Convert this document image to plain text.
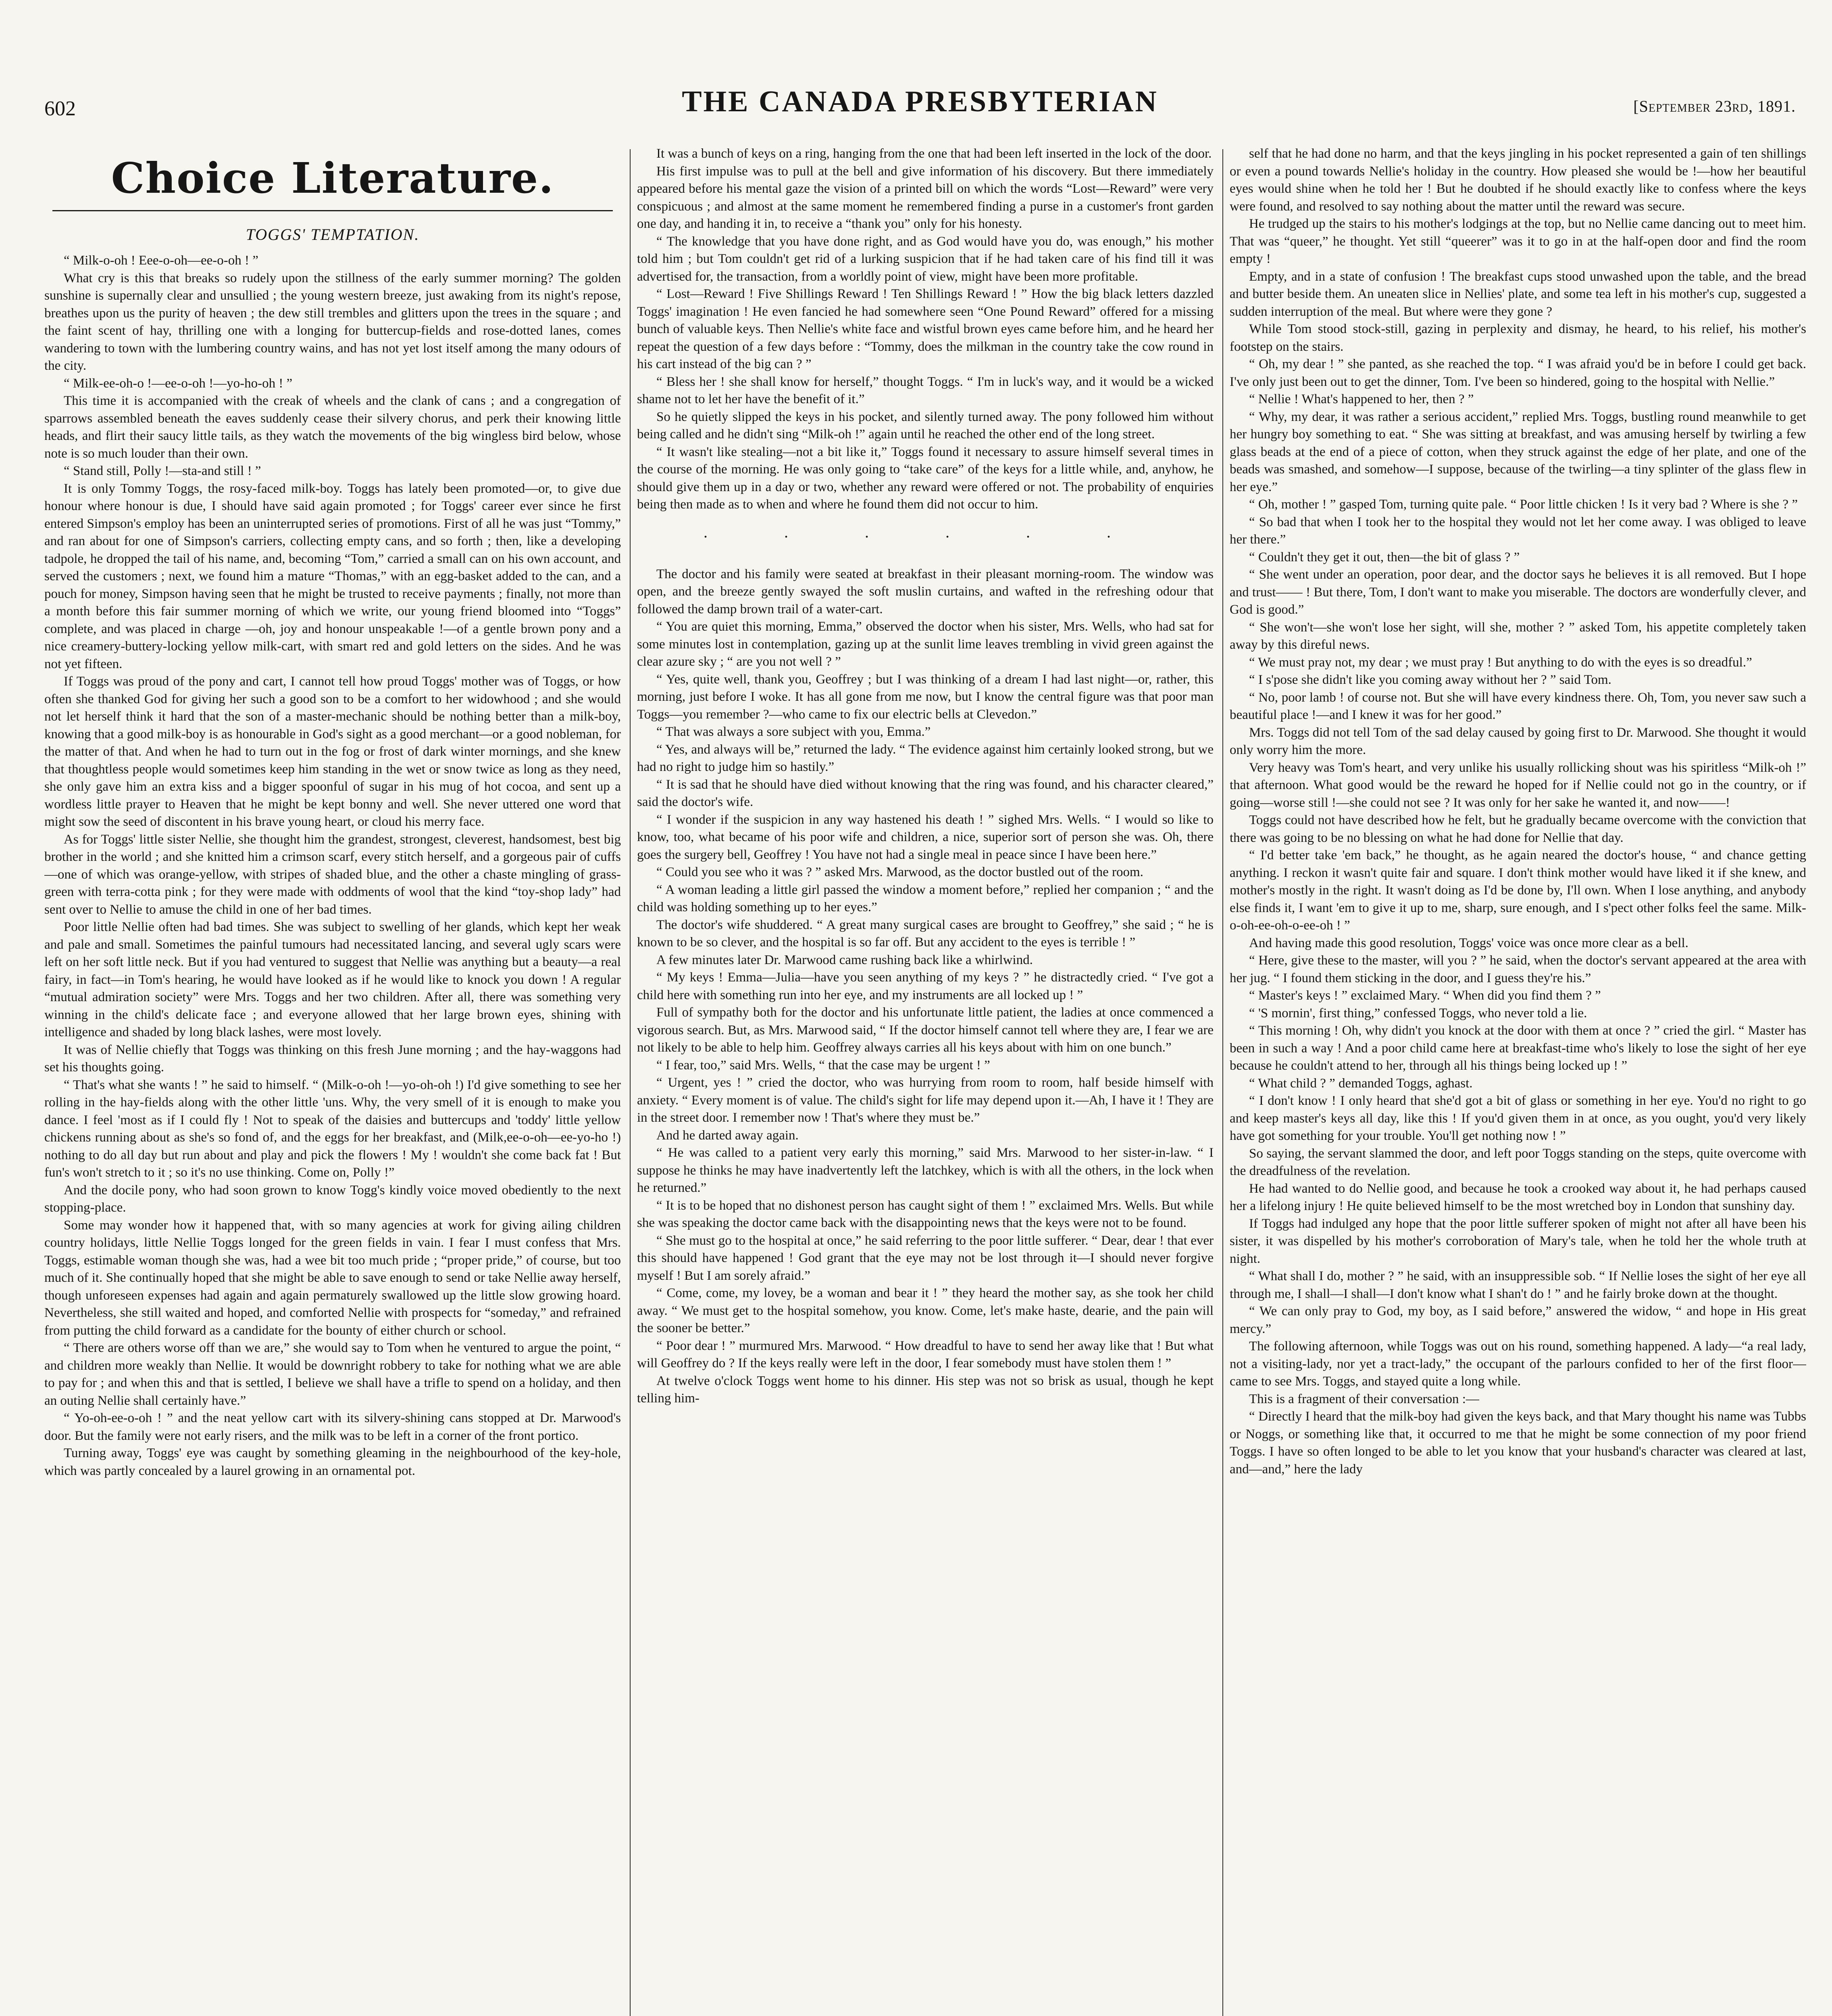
602	THE CANADA PRESBYTERIAN	[September 23rd, 1891.
Choice Literature.
TOGGS' TEMPTATION.

“ Milk-o-oh ! Eee-o-oh—ee-o-oh ! ”

What cry is this that breaks so rudely upon the stillness of the early summer morning? The golden sunshine is supernally clear and unsullied ; the young western breeze, just awaking from its night's repose, breathes upon us the purity of heaven ; the dew still trembles and glitters upon the trees in the square ; and the faint scent of hay, thrilling one with a longing for buttercup-fields and rose-dotted lanes, comes wandering to town with the lumbering country wains, and has not yet lost itself among the many odours of the city.

“ Milk-ee-oh-o !—ee-o-oh !—yo-ho-oh ! ”

This time it is accompanied with the creak of wheels and the clank of cans ; and a congregation of sparrows assembled beneath the eaves suddenly cease their silvery chorus, and perk their knowing little heads, and flirt their saucy little tails, as they watch the movements of the big wingless bird below, whose note is so much louder than their own.

“ Stand still, Polly !—sta-and still ! ”

It is only Tommy Toggs, the rosy-faced milk-boy. Toggs has lately been promoted—or, to give due honour where honour is due, I should have said again promoted ; for Toggs' career ever since he first entered Simpson's employ has been an uninterrupted series of promotions. First of all he was just “Tommy,” and ran about for one of Simpson's carriers, collecting empty cans, and so forth ; then, like a developing tadpole, he dropped the tail of his name, and, becoming “Tom,” carried a small can on his own account, and served the customers ; next, we found him a mature “Thomas,” with an egg-basket added to the can, and a pouch for money, Simpson having seen that he might be trusted to receive payments ; finally, not more than a month before this fair summer morning of which we write, our young friend bloomed into “Toggs” complete, and was placed in charge —oh, joy and honour unspeakable !—of a gentle brown pony and a nice creamery-buttery-locking yellow milk-cart, with smart red and gold letters on the sides. And he was not yet fifteen.

If Toggs was proud of the pony and cart, I cannot tell how proud Toggs' mother was of Toggs, or how often she thanked God for giving her such a good son to be a comfort to her widowhood ; and she would not let herself think it hard that the son of a master-mechanic should be nothing better than a milk-boy, knowing that a good milk-boy is as honourable in God's sight as a good merchant—or a good nobleman, for the matter of that. And when he had to turn out in the fog or frost of dark winter mornings, and she knew that thoughtless people would sometimes keep him standing in the wet or snow twice as long as they need, she only gave him an extra kiss and a bigger spoonful of sugar in his mug of hot cocoa, and sent up a wordless little prayer to Heaven that he might be kept bonny and well. She never uttered one word that might sow the seed of discontent in his brave young heart, or cloud his merry face.

As for Toggs' little sister Nellie, she thought him the grandest, strongest, cleverest, handsomest, best big brother in the world ; and she knitted him a crimson scarf, every stitch herself, and a gorgeous pair of cuffs—one of which was orange-yellow, with stripes of shaded blue, and the other a chaste mingling of grass-green with terra-cotta pink ; for they were made with oddments of wool that the kind “toy-shop lady” had sent over to Nellie to amuse the child in one of her bad times.

Poor little Nellie often had bad times. She was subject to swelling of her glands, which kept her weak and pale and small. Sometimes the painful tumours had necessitated lancing, and several ugly scars were left on her soft little neck. But if you had ventured to suggest that Nellie was anything but a beauty—a real fairy, in fact—in Tom's hearing, he would have looked as if he would like to knock you down ! A regular “mutual admiration society” were Mrs. Toggs and her two children. After all, there was something very winning in the child's delicate face ; and everyone allowed that her large brown eyes, shining with intelligence and shaded by long black lashes, were most lovely.

It was of Nellie chiefly that Toggs was thinking on this fresh June morning ; and the hay-waggons had set his thoughts going.

“ That's what she wants ! ” he said to himself. “ (Milk-o-oh !—yo-oh-oh !) I'd give something to see her rolling in the hay-fields along with the other little 'uns. Why, the very smell of it is enough to make you dance. I feel 'most as if I could fly ! Not to speak of the daisies and buttercups and 'toddy' little yellow chickens running about as she's so fond of, and the eggs for her breakfast, and (Milk,ee-o-oh—ee-yo-ho !) nothing to do all day but run about and play and pick the flowers ! My ! wouldn't she come back fat ! But fun's won't stretch to it ; so it's no use thinking. Come on, Polly !”

And the docile pony, who had soon grown to know Togg's kindly voice moved obediently to the next stopping-place.

Some may wonder how it happened that, with so many agencies at work for giving ailing children country holidays, little Nellie Toggs longed for the green fields in vain. I fear I must confess that Mrs. Toggs, estimable woman though she was, had a wee bit too much pride ; “proper pride,” of course, but too much of it. She continually hoped that she might be able to save enough to send or take Nellie away herself, though unforeseen expenses had again and again permaturely swallowed up the little slow growing hoard. Nevertheless, she still waited and hoped, and comforted Nellie with prospects for “someday,” and refrained from putting the child forward as a candidate for the bounty of either church or school.

“ There are others worse off than we are,” she would say to Tom when he ventured to argue the point, “ and children more weakly than Nellie. It would be downright robbery to take for nothing what we are able to pay for ; and when this and that is settled, I believe we shall have a trifle to spend on a holiday, and then an outing Nellie shall certainly have.”

“ Yo-oh-ee-o-oh ! ” and the neat yellow cart with its silvery-shining cans stopped at Dr. Marwood's door. But the family were not early risers, and the milk was to be left in a corner of the front portico.

Turning away, Toggs' eye was caught by something gleaming in the neighbourhood of the key-hole, which was partly concealed by a laurel growing in an ornamental pot.

It was a bunch of keys on a ring, hanging from the one that had been left inserted in the lock of the door.

His first impulse was to pull at the bell and give information of his discovery. But there immediately appeared before his mental gaze the vision of a printed bill on which the words “Lost—Reward” were very conspicuous ; and almost at the same moment he remembered finding a purse in a customer's front garden one day, and handing it in, to receive a “thank you” only for his honesty.

“ The knowledge that you have done right, and as God would have you do, was enough,” his mother told him ; but Tom couldn't get rid of a lurking suspicion that if he had taken care of his find till it was advertised for, the transaction, from a worldly point of view, might have been more profitable.

“ Lost—Reward ! Five Shillings Reward ! Ten Shillings Reward ! ” How the big black letters dazzled Toggs' imagination ! He even fancied he had somewhere seen “One Pound Reward” offered for a missing bunch of valuable keys. Then Nellie's white face and wistful brown eyes came before him, and he heard her repeat the question of a few days before : “Tommy, does the milkman in the country take the cow round in his cart instead of the big can ? ”

“ Bless her ! she shall know for herself,” thought Toggs. “ I'm in luck's way, and it would be a wicked shame not to let her have the benefit of it.”

So he quietly slipped the keys in his pocket, and silently turned away. The pony followed him without being called and he didn't sing “Milk-oh !” again until he reached the other end of the long street.

“ It wasn't like stealing—not a bit like it,” Toggs found it necessary to assure himself several times in the course of the morning. He was only going to “take care” of the keys for a little while, and, anyhow, he should give them up in a day or two, whether any reward were offered or not. The probability of enquiries being then made as to when and where he found them did not occur to him.

. . . . . .

The doctor and his family were seated at breakfast in their pleasant morning-room. The window was open, and the breeze gently swayed the soft muslin curtains, and wafted in the refreshing odour that followed the damp brown trail of a water-cart.

“ You are quiet this morning, Emma,” observed the doctor when his sister, Mrs. Wells, who had sat for some minutes lost in contemplation, gazing up at the sunlit lime leaves trembling in vivid green against the clear azure sky ; “ are you not well ? ”

“ Yes, quite well, thank you, Geoffrey ; but I was thinking of a dream I had last night—or, rather, this morning, just before I woke. It has all gone from me now, but I know the central figure was that poor man Toggs—you remember ?—who came to fix our electric bells at Clevedon.”

“ That was always a sore subject with you, Emma.”

“ Yes, and always will be,” returned the lady. “ The evidence against him certainly looked strong, but we had no right to judge him so hastily.”

“ It is sad that he should have died without knowing that the ring was found, and his character cleared,” said the doctor's wife.

“ I wonder if the suspicion in any way hastened his death ! ” sighed Mrs. Wells. “ I would so like to know, too, what became of his poor wife and children, a nice, superior sort of person she was. Oh, there goes the surgery bell, Geoffrey ! You have not had a single meal in peace since I have been here.”

“ Could you see who it was ? ” asked Mrs. Marwood, as the doctor bustled out of the room.

“ A woman leading a little girl passed the window a moment before,” replied her companion ; “ and the child was holding something up to her eyes.”

The doctor's wife shuddered. “ A great many surgical cases are brought to Geoffrey,” she said ; “ he is known to be so clever, and the hospital is so far off. But any accident to the eyes is terrible ! ”

A few minutes later Dr. Marwood came rushing back like a whirlwind.

“ My keys ! Emma—Julia—have you seen anything of my keys ? ” he distractedly cried. “ I've got a child here with something run into her eye, and my instruments are all locked up ! ”

Full of sympathy both for the doctor and his unfortunate little patient, the ladies at once commenced a vigorous search. But, as Mrs. Marwood said, “ If the doctor himself cannot tell where they are, I fear we are not likely to be able to help him. Geoffrey always carries all his keys about with him on one bunch.”

“ I fear, too,” said Mrs. Wells, “ that the case may be urgent ! ”

“ Urgent, yes ! ” cried the doctor, who was hurrying from room to room, half beside himself with anxiety. “ Every moment is of value. The child's sight for life may depend upon it.—Ah, I have it ! They are in the street door. I remember now ! That's where they must be.”

And he darted away again.

“ He was called to a patient very early this morning,” said Mrs. Marwood to her sister-in-law. “ I suppose he thinks he may have inadvertently left the latchkey, which is with all the others, in the lock when he returned.”

“ It is to be hoped that no dishonest person has caught sight of them ! ” exclaimed Mrs. Wells. But while she was speaking the doctor came back with the disappointing news that the keys were not to be found.

“ She must go to the hospital at once,” he said referring to the poor little sufferer. “ Dear, dear ! that ever this should have happened ! God grant that the eye may not be lost through it—I should never forgive myself ! But I am sorely afraid.”

“ Come, come, my lovey, be a woman and bear it ! ” they heard the mother say, as she took her child away. “ We must get to the hospital somehow, you know. Come, let's make haste, dearie, and the pain will the sooner be better.”

“ Poor dear ! ” murmured Mrs. Marwood. “ How dreadful to have to send her away like that ! But what will Geoffrey do ? If the keys really were left in the door, I fear somebody must have stolen them ! ”

At twelve o'clock Toggs went home to his dinner. His step was not so brisk as usual, though he kept telling him-

self that he had done no harm, and that the keys jingling in his pocket represented a gain of ten shillings or even a pound towards Nellie's holiday in the country. How pleased she would be !—how her beautiful eyes would shine when he told her ! But he doubted if he should exactly like to confess where the keys were found, and resolved to say nothing about the matter until the reward was secure.

He trudged up the stairs to his mother's lodgings at the top, but no Nellie came dancing out to meet him. That was “queer,” he thought. Yet still “queerer” was it to go in at the half-open door and find the room empty !

Empty, and in a state of confusion ! The breakfast cups stood unwashed upon the table, and the bread and butter beside them. An uneaten slice in Nellies' plate, and some tea left in his mother's cup, suggested a sudden interruption of the meal. But where were they gone ?

While Tom stood stock-still, gazing in perplexity and dismay, he heard, to his relief, his mother's footstep on the stairs.

“ Oh, my dear ! ” she panted, as she reached the top. “ I was afraid you'd be in before I could get back. I've only just been out to get the dinner, Tom. I've been so hindered, going to the hospital with Nellie.”

“ Nellie ! What's happened to her, then ? ”

“ Why, my dear, it was rather a serious accident,” replied Mrs. Toggs, bustling round meanwhile to get her hungry boy something to eat. “ She was sitting at breakfast, and was amusing herself by twirling a few glass beads at the end of a piece of cotton, when they struck against the edge of her plate, and one of the beads was smashed, and somehow—I suppose, because of the twirling—a tiny splinter of the glass flew in her eye.”

“ Oh, mother ! ” gasped Tom, turning quite pale. “ Poor little chicken ! Is it very bad ? Where is she ? ”

“ So bad that when I took her to the hospital they would not let her come away. I was obliged to leave her there.”

“ Couldn't they get it out, then—the bit of glass ? ”

“ She went under an operation, poor dear, and the doctor says he believes it is all removed. But I hope and trust—— ! But there, Tom, I don't want to make you miserable. The doctors are wonderfully clever, and God is good.”

“ She won't—she won't lose her sight, will she, mother ? ” asked Tom, his appetite completely taken away by this direful news.

“ We must pray not, my dear ; we must pray ! But anything to do with the eyes is so dreadful.”

“ I s'pose she didn't like you coming away without her ? ” said Tom.

“ No, poor lamb ! of course not. But she will have every kindness there. Oh, Tom, you never saw such a beautiful place !—and I knew it was for her good.”

Mrs. Toggs did not tell Tom of the sad delay caused by going first to Dr. Marwood. She thought it would only worry him the more.

Very heavy was Tom's heart, and very unlike his usually rollicking shout was his spiritless “Milk-oh !” that afternoon. What good would be the reward he hoped for if Nellie could not go in the country, or if going—worse still !—she could not see ? It was only for her sake he wanted it, and now——!

Toggs could not have described how he felt, but he gradually became overcome with the conviction that there was going to be no blessing on what he had done for Nellie that day.

“ I'd better take 'em back,” he thought, as he again neared the doctor's house, “ and chance getting anything. I reckon it wasn't quite fair and square. I don't think mother would have liked it if she knew, and mother's mostly in the right. It wasn't doing as I'd be done by, I'll own. When I lose anything, and anybody else finds it, I want 'em to give it up to me, sharp, sure enough, and I s'pect other folks feel the same. Milk-o-oh-ee-oh-o-ee-oh ! ”

And having made this good resolution, Toggs' voice was once more clear as a bell.

“ Here, give these to the master, will you ? ” he said, when the doctor's servant appeared at the area with her jug. “ I found them sticking in the door, and I guess they're his.”

“ Master's keys ! ” exclaimed Mary. “ When did you find them ? ”

“ 'S mornin', first thing,” confessed Toggs, who never told a lie.

“ This morning ! Oh, why didn't you knock at the door with them at once ? ” cried the girl. “ Master has been in such a way ! And a poor child came here at breakfast-time who's likely to lose the sight of her eye because he couldn't attend to her, through all his things being locked up ! ”

“ What child ? ” demanded Toggs, aghast.

“ I don't know ! I only heard that she'd got a bit of glass or something in her eye. You'd no right to go and keep master's keys all day, like this ! If you'd given them in at once, as you ought, you'd very likely have got something for your trouble. You'll get nothing now ! ”

So saying, the servant slammed the door, and left poor Toggs standing on the steps, quite overcome with the dreadfulness of the revelation.

He had wanted to do Nellie good, and because he took a crooked way about it, he had perhaps caused her a lifelong injury ! He quite believed himself to be the most wretched boy in London that sunshiny day.

If Toggs had indulged any hope that the poor little sufferer spoken of might not after all have been his sister, it was dispelled by his mother's corroboration of Mary's tale, when he told her the whole truth at night.

“ What shall I do, mother ? ” he said, with an insuppressible sob. “ If Nellie loses the sight of her eye all through me, I shall—I shall—I don't know what I shan't do ! ” and he fairly broke down at the thought.

“ We can only pray to God, my boy, as I said before,” answered the widow, “ and hope in His great mercy.”

The following afternoon, while Toggs was out on his round, something happened. A lady—“a real lady, not a visiting-lady, nor yet a tract-lady,” the occupant of the parlours confided to her of the first floor—came to see Mrs. Toggs, and stayed quite a long while.

This is a fragment of their conversation :—

“ Directly I heard that the milk-boy had given the keys back, and that Mary thought his name was Tubbs or Noggs, or something like that, it occurred to me that he might be some connection of my poor friend Toggs. I have so often longed to be able to let you know that your husband's character was cleared at last, and—and,” here the lady
